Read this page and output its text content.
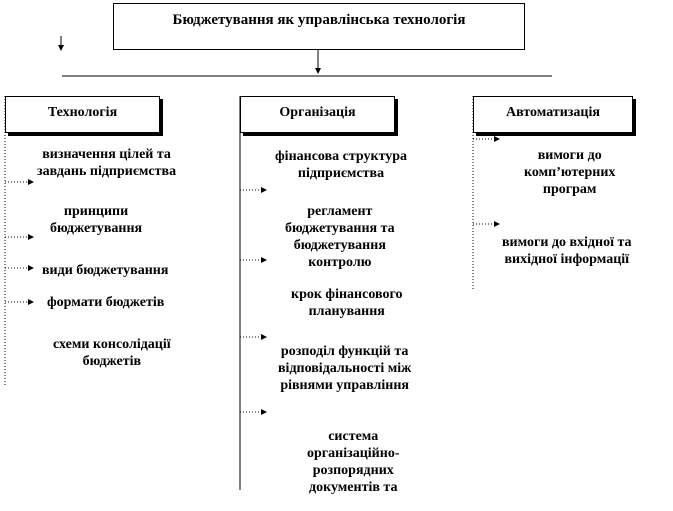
Бюджетування як управлінська технологія
Технологія	Організація	Автоматизація
визначення цілей та
завдань підприємства
принципи
бюджетування
види бюджетування
формати бюджетів
схеми консолідації
бюджетів
фінансова структура
підприємства
регламент
бюджетування та
бюджетування
контролю
крок фінансового
планування
розподіл функцій та
відповідальності між
рівнями управління
система
організаційно-
розпорядних
документів та
вимоги до
комп’ютерних
програм
вимоги до вхідної та
вихідної інформації
